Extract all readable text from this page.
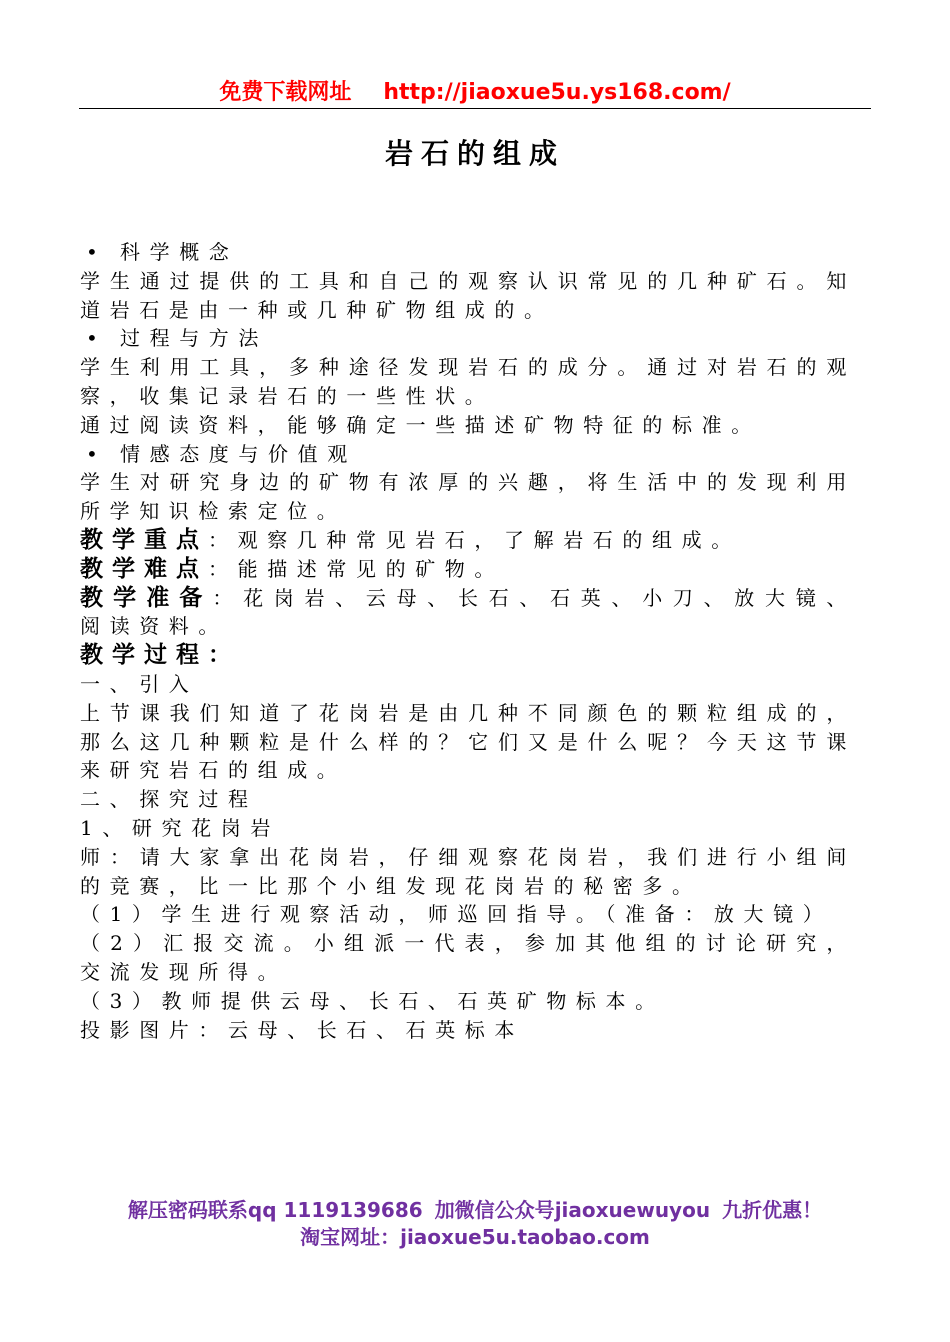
免费下载网址 http://jiaoxue5u.ys168.com/
岩石的组成

• 科学概念

学生通过提供的工具和自己的观察认识常见的几种矿石。知道岩石是由一种或几种矿物组成的。

• 过程与方法

学生利用工具，多种途径发现岩石的成分。通过对岩石的观察，收集记录岩石的一些性状。

通过阅读资料，能够确定一些描述矿物特征的标准。

• 情感态度与价值观

学生对研究身边的矿物有浓厚的兴趣，将生活中的发现利用所学知识检索定位。

教学重点：观察几种常见岩石，了解岩石的组成。

教学难点：能描述常见的矿物。

教学准备：花岗岩、云母、长石、石英、小刀、放大镜、阅读资料。

教学过程：

一、引入

上节课我们知道了花岗岩是由几种不同颜色的颗粒组成的，那么这几种颗粒是什么样的？它们又是什么呢？今天这节课来研究岩石的组成。

二、探究过程

1、研究花岗岩

师：请大家拿出花岗岩，仔细观察花岗岩，我们进行小组间的竞赛，比一比那个小组发现花岗岩的秘密多。

（1）学生进行观察活动，师巡回指导。（准备：放大镜）

（2）汇报交流。小组派一代表，参加其他组的讨论研究，交流发现所得。

（3）教师提供云母、长石、石英矿物标本。

投影图片：云母、长石、石英标本

解压密码联系qq 1119139686 加微信公众号jiaoxuewuyou 九折优惠！
淘宝网址：jiaoxue5u.taobao.com
